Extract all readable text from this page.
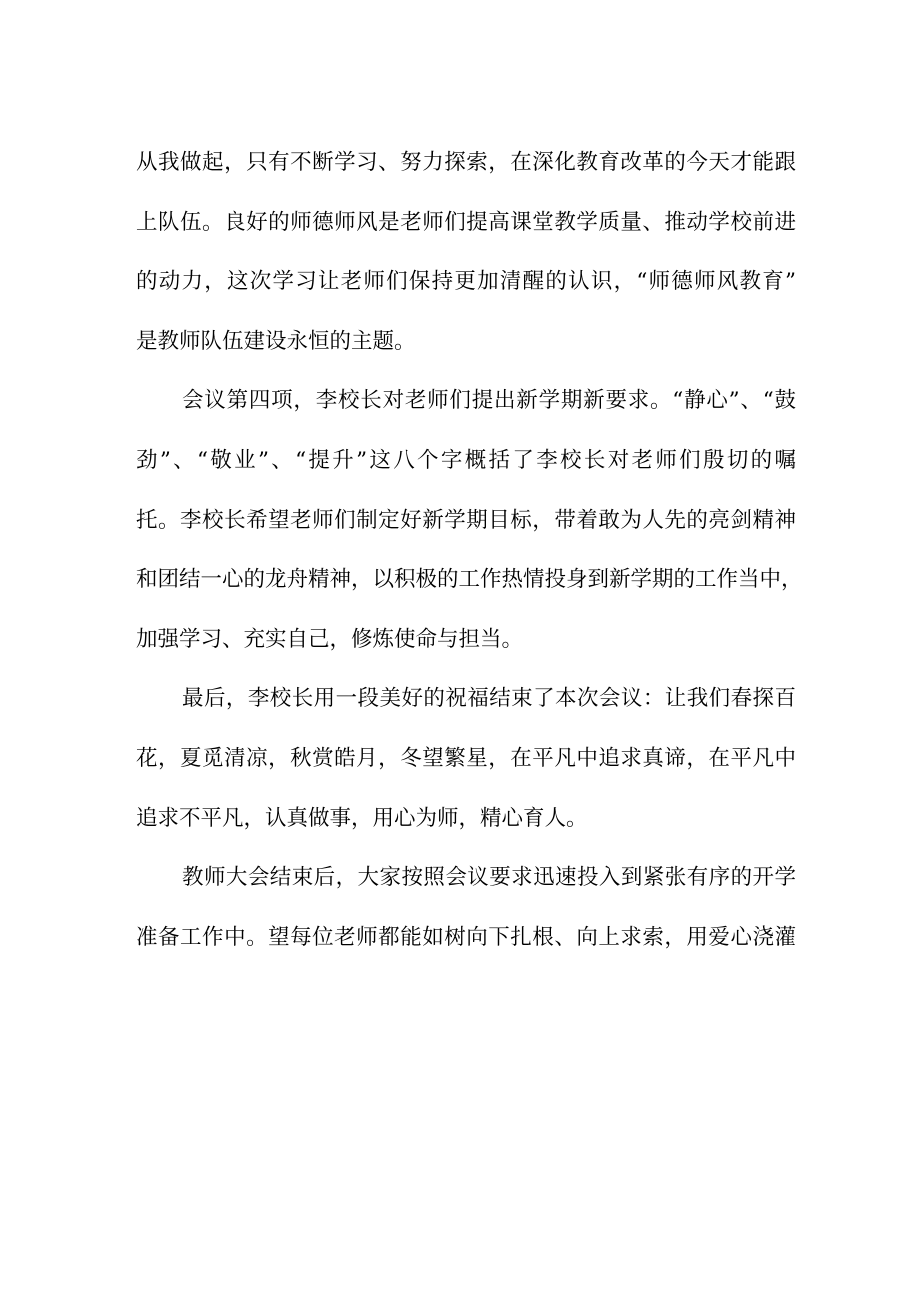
从我做起，只有不断学习、努力探索，在深化教育改革的今天才能跟
上队伍。良好的师德师风是老师们提高课堂教学质量、推动学校前进
的动力，这次学习让老师们保持更加清醒的认识，“师德师风教育”
是教师队伍建设永恒的主题。
会议第四项，李校长对老师们提出新学期新要求。“静心”、“鼓
劲”、“敬业”、“提升”这八个字概括了李校长对老师们殷切的嘱
托。李校长希望老师们制定好新学期目标，带着敢为人先的亮剑精神
和团结一心的龙舟精神，以积极的工作热情投身到新学期的工作当中，
加强学习、充实自己，修炼使命与担当。
最后，李校长用一段美好的祝福结束了本次会议：让我们春探百
花，夏觅清凉，秋赏皓月，冬望繁星，在平凡中追求真谛，在平凡中
追求不平凡，认真做事，用心为师，精心育人。
教师大会结束后，大家按照会议要求迅速投入到紧张有序的开学
准备工作中。望每位老师都能如树向下扎根、向上求索，用爱心浇灌
